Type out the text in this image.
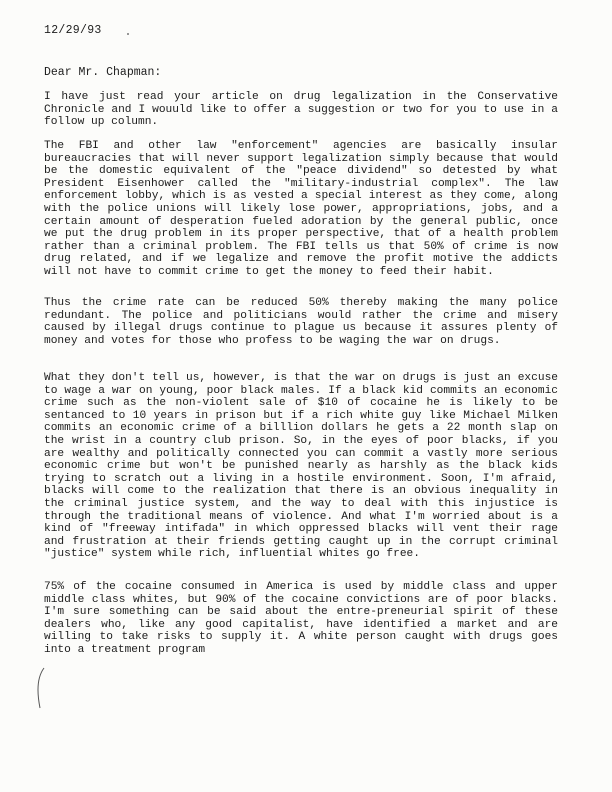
12/29/93
Dear Mr. Chapman:

I have just read your article on drug legalization in the Conservative Chronicle and I wouuld like to offer a suggestion or two for you to use in a follow up column.

The FBI and other law "enforcement" agencies are basically insular bureaucracies that will never support legalization simply because that would be the domestic equivalent of the "peace dividend" so detested by what President Eisenhower called the "military-industrial complex". The law enforcement lobby, which is as vested a special interest as they come, along with the police unions will likely lose power, appropriations, jobs, and a certain amount of desperation fueled adoration by the general public, once we put the drug problem in its proper perspective, that of a health problem rather than a criminal problem. The FBI tells us that 50% of crime is now drug related, and if we legalize and remove the profit motive the addicts will not have to commit crime to get the money to feed their habit.

Thus the crime rate can be reduced 50% thereby making the many police redundant. The police and politicians would rather the crime and misery caused by illegal drugs continue to plague us because it assures plenty of money and votes for those who profess to be waging the war on drugs.

What they don't tell us, however, is that the war on drugs is just an excuse to wage a war on young, poor black males. If a black kid commits an economic crime such as the non-violent sale of $10 of cocaine he is likely to be sentanced to 10 years in prison but if a rich white guy like Michael Milken commits an economic crime of a billlion dollars he gets a 22 month slap on the wrist in a country club prison. So, in the eyes of poor blacks, if you are wealthy and politically connected you can commit a vastly more serious economic crime but won't be punished nearly as harshly as the black kids trying to scratch out a living in a hostile environment. Soon, I'm afraid, blacks will come to the realization that there is an obvious inequality in the criminal justice system, and the way to deal with this injustice is through the traditional means of violence. And what I'm worried about is a kind of "freeway intifada" in which oppressed blacks will vent their rage and frustration at their friends getting caught up in the corrupt criminal "justice" system while rich, influential whites go free.

75% of the cocaine consumed in America is used by middle class and upper middle class whites, but 90% of the cocaine convictions are of poor blacks. I'm sure something can be said about the entre-preneurial spirit of these dealers who, like any good capitalist, have identified a market and are willing to take risks to supply it. A white person caught with drugs goes into a treatment program
